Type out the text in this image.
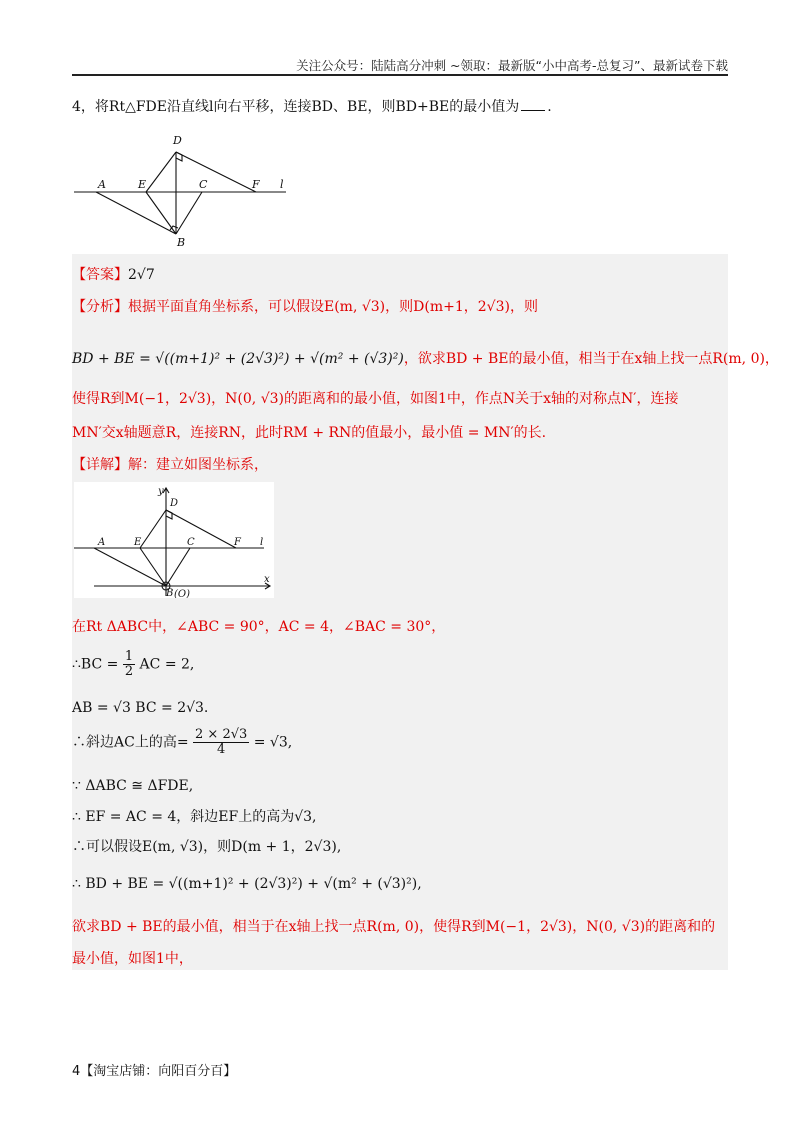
关注公众号：陆陆高分冲刺 ~领取：最新版“小中高考-总复习”、最新试卷下载
4，将Rt△FDE沿直线l向右平移，连接BD、BE，则BD+BE的最小值为 .
A	E	C	F l
D
B
【答案】2√7
【分析】根据平面直角坐标系，可以假设E(m, √3)，则D(m+1，2√3)，则
BD + BE = √((m+1)² + (2√3)²) + √(m² + (√3)²)，欲求BD + BE的最小值，相当于在x轴上找一点R(m, 0)，
使得R到M(−1，2√3)，N(0, √3)的距离和的最小值，如图1中，作点N关于x轴的对称点N′，连接
MN′交x轴题意R，连接RN，此时RM + RN的值最小，最小值 = MN′的长.
【详解】解：建立如图坐标系，
y
D
A	E	C	F l
B (O)
x
在Rt ΔABC中，∠ABC = 90°，AC = 4，∠BAC = 30°，
∴BC = $\frac{1}{2}$ AC = 2,
AB = √3 BC = 2√3.
∴斜边AC上的高= $\frac{2 \times 2√3}{4} = √3$,
∵ ΔABC ≅ ΔFDE,
∴ EF = AC = 4，斜边EF上的高为√3,
∴可以假设E(m, √3)，则D(m + 1，2√3),
∴ BD + BE = √((m+1)² + (2√3)²) + √(m² + (√3)²),
欲求BD + BE的最小值，相当于在x轴上找一点R(m, 0)，使得R到M(−1，2√3)，N(0, √3)的距离和的
最小值，如图1中，
4【淘宝店铺：向阳百分百】
